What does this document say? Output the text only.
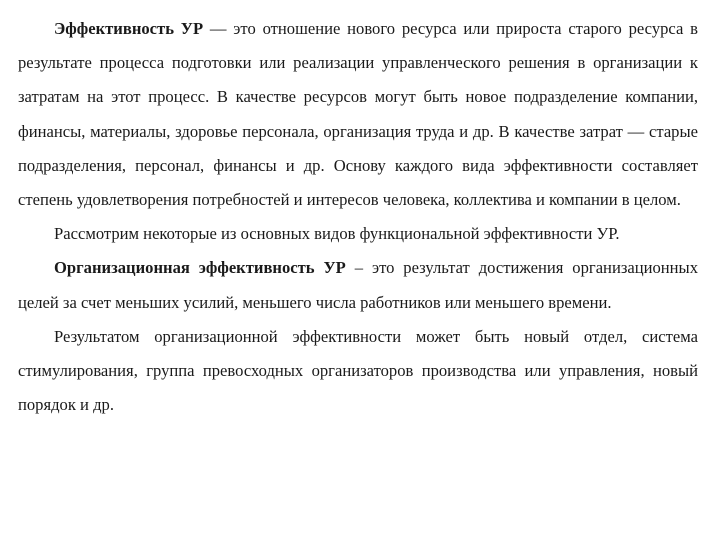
Эффективность УР — это отношение нового ресурса или прироста старого ресурса в результате процесса подготовки или реализации управленческого решения в организации к затратам на этот процесс. В качестве ресурсов могут быть новое подразделение компании, финансы, материалы, здоровье персонала, организация труда и др. В качестве затрат — старые подразделения, персонал, финансы и др. Основу каждого вида эффективности составляет степень удовлетворения потребностей и интересов человека, коллектива и компании в целом.

Рассмотрим некоторые из основных видов функциональной эффективности УР.

Организационная эффективность УР – это результат достижения организационных целей за счет меньших усилий, меньшего числа работников или меньшего времени.

Результатом организационной эффективности может быть новый отдел, система стимулирования, группа превосходных организаторов производства или управления, новый порядок и др.
